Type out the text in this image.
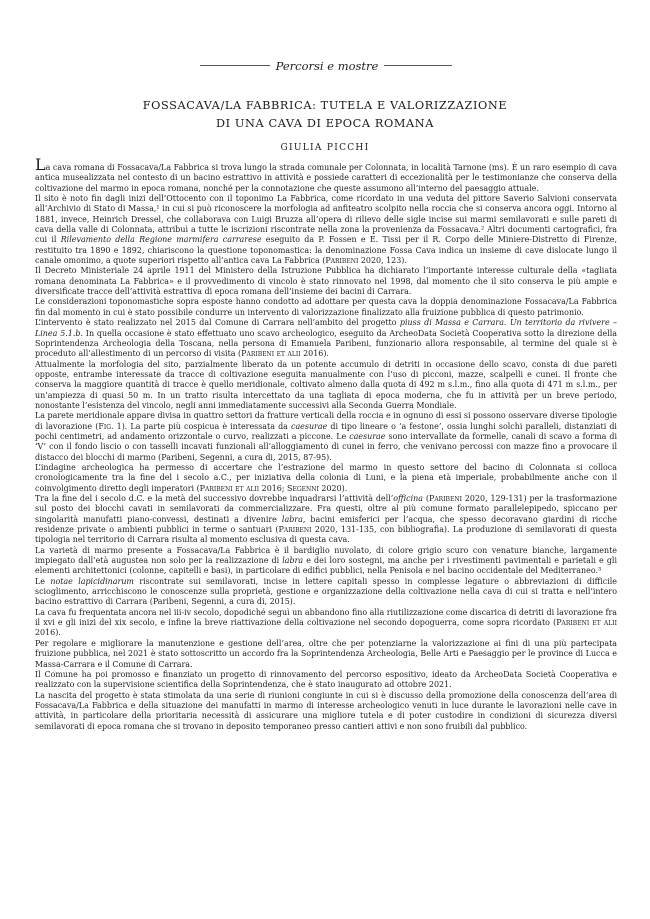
Percorsi e mostre
FOSSACAVA/LA FABBRICA: TUTELA E VALORIZZAZIONE
DI UNA CAVA DI EPOCA ROMANA
GIULIA PICCHI

La cava romana di Fossacava/La Fabbrica si trova lungo la strada comunale per Colonnata, in località Tarnone (ms). È un raro esempio di cava antica musealizzata nel contesto di un bacino estrattivo in attività e possiede caratteri di eccezionalità per le testimonianze che conserva della coltivazione del marmo in epoca romana, nonché per la connotazione che queste assumono all’interno del paesaggio attuale.

Il sito è noto fin dagli inizi dell’Ottocento con il toponimo La Fabbrica, come ricordato in una veduta del pittore Saverio Salvioni conservata all’Archivio di Stato di Massa,¹ in cui si può riconoscere la morfologia ad anfiteatro scolpito nella roccia che si conserva ancora oggi. Intorno al 1881, invece, Heinrich Dressel, che collaborava con Luigi Bruzza all’opera di rilievo delle sigle incise sui marmi semilavorati e sulle pareti di cava della valle di Colonnata, attribuì a tutte le iscrizioni riscontrate nella zona la provenienza da Fossacava.² Altri documenti cartografici, fra cui il Rilevamento della Regione marmifera carrarese eseguito da P. Fossen e E. Tissi per il R. Corpo delle Miniere-Distretto di Firenze, restituito tra 1890 e 1892, chiariscono la questione toponomastica: la denominazione Fossa Cava indica un insieme di cave dislocate lungo il canale omonimo, a quote superiori rispetto all’antica cava La Fabbrica (Paribeni 2020, 123).

Il Decreto Ministeriale 24 aprile 1911 del Ministero della Istruzione Pubblica ha dichiarato l’importante interesse culturale della «tagliata romana denominata La Fabbrica» e il provvedimento di vincolo è stato rinnovato nel 1998, dal momento che il sito conserva le più ampie e diversificate tracce dell’attività estrattiva di epoca romana dell’insieme dei bacini di Carrara.

Le considerazioni toponomastiche sopra esposte hanno condotto ad adottare per questa cava la doppia denominazione Fossacava/La Fabbrica fin dal momento in cui è stato possibile condurre un intervento di valorizzazione finalizzato alla fruizione pubblica di questo patrimonio.

L’intervento è stato realizzato nel 2015 dal Comune di Carrara nell’ambito del progetto piuss di Massa e Carrara. Un territorio da rivivere – Linea 5.1.b. In quella occasione è stato effettuato uno scavo archeologico, eseguito da ArcheoData Società Cooperativa sotto la direzione della Soprintendenza Archeologia della Toscana, nella persona di Emanuela Paribeni, funzionario allora responsabile, al termine del quale si è proceduto all’allestimento di un percorso di visita (Paribeni et alii 2016).

Attualmente la morfologia del sito, parzialmente liberato da un potente accumulo di detriti in occasione dello scavo, consta di due pareti opposte, entrambe interessate da tracce di coltivazione eseguita manualmente con l’uso di picconi, mazze, scalpelli e cunei. Il fronte che conserva la maggiore quantità di tracce è quello meridionale, coltivato almeno dalla quota di 492 m s.l.m., fino alla quota di 471 m s.l.m., per un’ampiezza di quasi 50 m. In un tratto risulta intercettato da una tagliata di epoca moderna, che fu in attività per un breve periodo, nonostante l’esistenza del vincolo, negli anni immediatamente successivi alla Seconda Guerra Mondiale.

La parete meridionale appare divisa in quattro settori da fratture verticali della roccia e in ognuno di essi si possono osservare diverse tipologie di lavorazione (Fig. 1). La parte più cospicua è interessata da caesurae di tipo lineare o ‘a festone’, ossia lunghi solchi paralleli, distanziati di pochi centimetri, ad andamento orizzontale o curvo, realizzati a piccone. Le caesurae sono intervallate da formelle, canali di scavo a forma di ‘V’ con il fondo liscio o con tasselli incavati funzionali all’alloggiamento di cunei in ferro, che venivano percossi con mazze fino a provocare il distacco dei blocchi di marmo (Paribeni, Segenni, a cura di, 2015, 87-95).

L’indagine archeologica ha permesso di accertare che l’estrazione del marmo in questo settore del bacino di Colonnata si colloca cronologicamente tra la fine del i secolo a.C., per iniziativa della colonia di Luni, e la piena età imperiale, probabilmente anche con il coinvolgimento diretto degli imperatori (Paribeni et alii 2016; Segenni 2020).

Tra la fine del i secolo d.C. e la metà del successivo dovrebbe inquadrarsi l’attività dell’officina (Paribeni 2020, 129-131) per la trasformazione sul posto dei blocchi cavati in semilavorati da commercializzare. Fra questi, oltre al più comune formato parallelepipedo, spiccano per singolarità manufatti piano-convessi, destinati a divenire labra, bacini emisferici per l’acqua, che spesso decoravano giardini di ricche residenze private o ambienti pubblici in terme o santuari (Paribeni 2020, 131-135, con bibliografia). La produzione di semilavorati di questa tipologia nel territorio di Carrara risulta al momento esclusiva di questa cava.

La varietà di marmo presente a Fossacava/La Fabbrica è il bardiglio nuvolato, di colore grigio scuro con venature bianche, largamente impiegato dall’età augustea non solo per la realizzazione di labra e dei loro sostegni, ma anche per i rivestimenti pavimentali e parietali e gli elementi architettonici (colonne, capitelli e basi), in particolare di edifici pubblici, nella Penisola e nel bacino occidentale del Mediterraneo.³

Le notae lapicidinarum riscontrate sui semilavorati, incise in lettere capitali spesso in complesse legature o abbreviazioni di difficile scioglimento, arricchiscono le conoscenze sulla proprietà, gestione e organizzazione della coltivazione nella cava di cui si tratta e nell’intero bacino estrattivo di Carrara (Paribeni, Segenni, a cura di, 2015).

La cava fu frequentata ancora nel iii-iv secolo, dopodiché seguì un abbandono fino alla riutilizzazione come discarica di detriti di lavorazione fra il xvi e gli inizi del xix secolo, e infine la breve riattivazione della coltivazione nel secondo dopoguerra, come sopra ricordato (Paribeni et alii 2016).

Per regolare e migliorare la manutenzione e gestione dell’area, oltre che per potenziarne la valorizzazione ai fini di una più partecipata fruizione pubblica, nel 2021 è stato sottoscritto un accordo fra la Soprintendenza Archeologia, Belle Arti e Paesaggio per le province di Lucca e Massa-Carrara e il Comune di Carrara.

Il Comune ha poi promosso e finanziato un progetto di rinnovamento del percorso espositivo, ideato da ArcheoData Società Cooperativa e realizzato con la supervisione scientifica della Soprintendenza, che è stato inaugurato ad ottobre 2021.

La nascita del progetto è stata stimolata da una serie di riunioni congiunte in cui si è discusso della promozione della conoscenza dell’area di Fossacava/La Fabbrica e della situazione dei manufatti in marmo di interesse archeologico venuti in luce durante le lavorazioni nelle cave in attività, in particolare della prioritaria necessità di assicurare una migliore tutela e di poter custodire in condizioni di sicurezza diversi semilavorati di epoca romana che si trovano in deposito temporaneo presso cantieri attivi e non sono fruibili dal pubblico.
